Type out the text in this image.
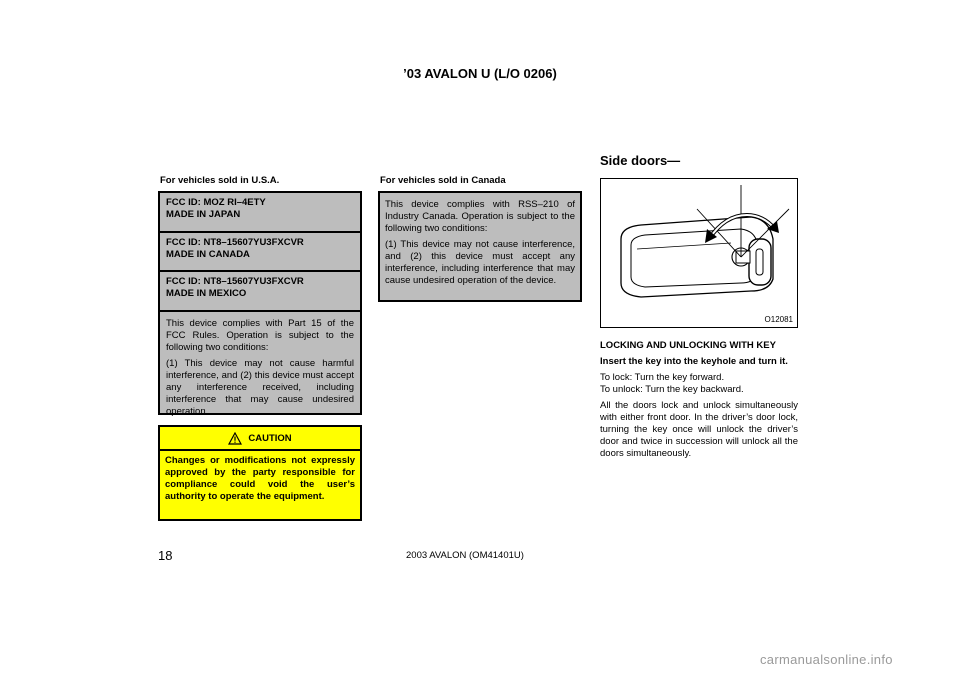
’03 AVALON U (L/O 0206)
For vehicles sold in U.S.A.
FCC ID: MOZ RI–4ETY
MADE IN JAPAN
FCC ID: NT8–15607YU3FXCVR
MADE IN CANADA
FCC ID: NT8–15607YU3FXCVR
MADE IN MEXICO

This device complies with Part 15 of the FCC Rules. Operation is subject to the following two conditions:

(1) This device may not cause harmful interference, and (2) this device must accept any interference received, including interference that may cause undesired operation.

CAUTION
Changes or modifications not expressly approved by the party responsible for compliance could void the user’s authority to operate the equipment.
For vehicles sold in Canada

This device complies with RSS–210 of Industry Canada. Operation is subject to the following two conditions:

(1) This device may not cause interference, and (2) this device must accept any interference, including interference that may cause undesired operation of the device.

Side doors—
O12081

LOCKING AND UNLOCKING WITH KEY

Insert the key into the keyhole and turn it.

To lock: Turn the key forward.

To unlock: Turn the key backward.

All the doors lock and unlock simultaneously with either front door. In the driver’s door lock, turning the key once will unlock the driver’s door and twice in succession will unlock all the doors simultaneously.

18	2003 AVALON (OM41401U)
carmanualsonline.info
